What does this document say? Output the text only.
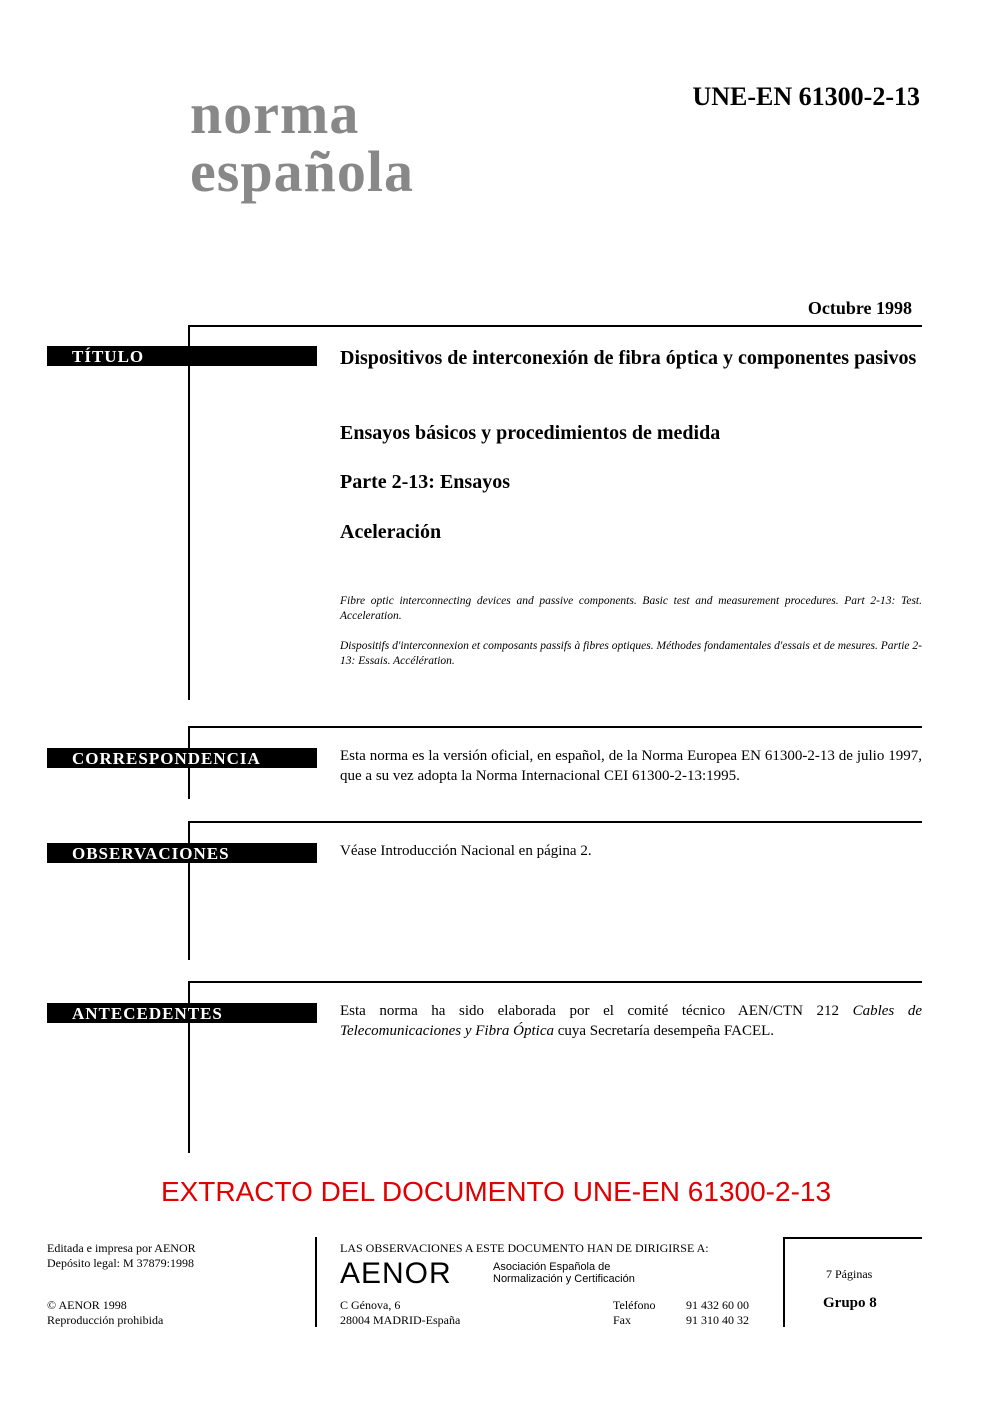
norma
española
UNE-EN 61300-2-13
Octubre 1998
TÍTULO	Dispositivos de interconexión de fibra óptica y componentes pasivos
Ensayos básicos y procedimientos de medida
Parte 2-13: Ensayos
Aceleración
Fibre optic interconnecting devices and passive components. Basic test and measurement procedures. Part 2-13: Test. Acceleration.
Dispositifs d'interconnexion et composants passifs à fibres optiques. Méthodes fondamentales d'essais et de mesures. Partie 2-13: Essais. Accélération.
CORRESPONDENCIA	Esta norma es la versión oficial, en español, de la Norma Europea EN 61300-2-13 de julio 1997, que a su vez adopta la Norma Internacional CEI 61300-2-13:1995.
OBSERVACIONES	Véase Introducción Nacional en página 2.
ANTECEDENTES	Esta norma ha sido elaborada por el comité técnico AEN/CTN 212 Cables de Telecomunicaciones y Fibra Óptica cuya Secretaría desempeña FACEL.
EXTRACTO DEL DOCUMENTO UNE-EN 61300-2-13
Editada e impresa por AENOR
Depósito legal: M 37879:1998
© AENOR 1998
Reproducción prohibida
LAS OBSERVACIONES A ESTE DOCUMENTO HAN DE DIRIGIRSE A:
AENOR	Asociación Española de
Normalización y Certificación
C Génova, 6
28004 MADRID-España
Teléfono	91 432 60 00
Fax	91 310 40 32
7 Páginas
Grupo 8
